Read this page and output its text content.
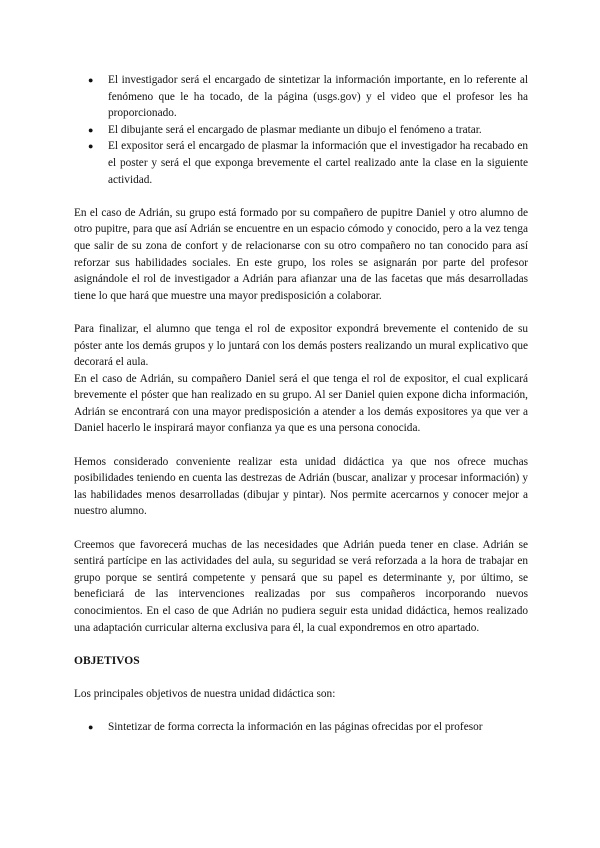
●	El investigador será el encargado de sintetizar la información importante, en lo referente al fenómeno que le ha tocado, de la página (usgs.gov) y el video que el profesor les ha proporcionado.
●	El dibujante será el encargado de plasmar mediante un dibujo el fenómeno a tratar.
●	El expositor será el encargado de plasmar la información que el investigador ha recabado en el poster y será el que exponga brevemente el cartel realizado ante la clase en la siguiente actividad.

En el caso de Adrián, su grupo está formado por su compañero de pupitre Daniel y otro alumno de otro pupitre, para que así Adrián se encuentre en un espacio cómodo y conocido, pero a la vez tenga que salir de su zona de confort y de relacionarse con su otro compañero no tan conocido para así reforzar sus habilidades sociales. En este grupo, los roles se asignarán por parte del profesor asignándole el rol de investigador a Adrián para afianzar una de las facetas que más desarrolladas tiene lo que hará que muestre una mayor predisposición a colaborar.

Para finalizar, el alumno que tenga el rol de expositor expondrá brevemente el contenido de su póster ante los demás grupos y lo juntará con los demás posters realizando un mural explicativo que decorará el aula.

En el caso de Adrián, su compañero Daniel será el que tenga el rol de expositor, el cual explicará brevemente el póster que han realizado en su grupo. Al ser Daniel quien expone dicha información, Adrián se encontrará con una mayor predisposición a atender a los demás expositores ya que ver a Daniel hacerlo le inspirará mayor confianza ya que es una persona conocida.

Hemos considerado conveniente realizar esta unidad didáctica ya que nos ofrece muchas posibilidades teniendo en cuenta las destrezas de Adrián (buscar, analizar y procesar información) y las habilidades menos desarrolladas (dibujar y pintar). Nos permite acercarnos y conocer mejor a nuestro alumno.

Creemos que favorecerá muchas de las necesidades que Adrián pueda tener en clase. Adrián se sentirá partícipe en las actividades del aula, su seguridad se verá reforzada a la hora de trabajar en grupo porque se sentirá competente y pensará que su papel es determinante y, por último, se beneficiará de las intervenciones realizadas por sus compañeros incorporando nuevos conocimientos. En el caso de que Adrián no pudiera seguir esta unidad didáctica, hemos realizado una adaptación curricular alterna exclusiva para él, la cual expondremos en otro apartado.

OBJETIVOS

Los principales objetivos de nuestra unidad didáctica son:

●	Sintetizar de forma correcta la información en las páginas ofrecidas por el profesor
